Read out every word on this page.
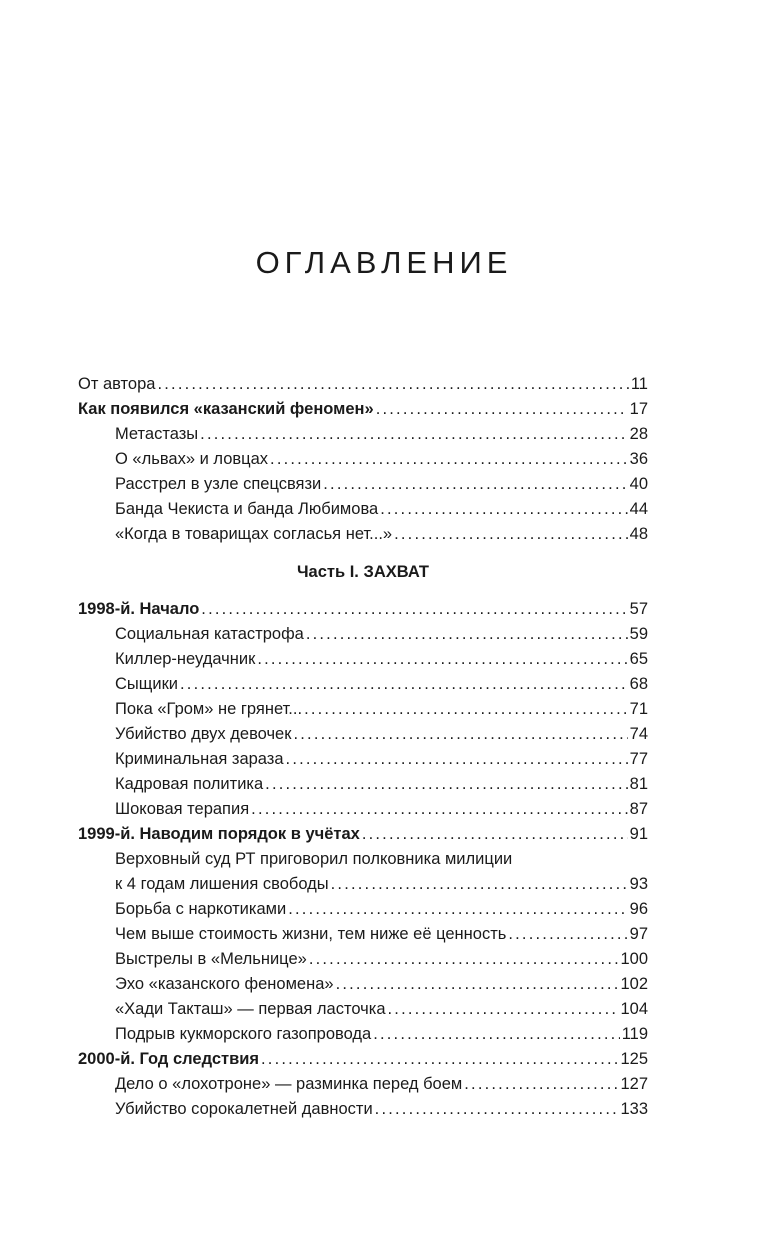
ОГЛАВЛЕНИЕ
От автора .....	11
Как появился «казанский феномен» .....	17
Метастазы .....	28
О «львах» и ловцах .....	36
Расстрел в узле спецсвязи .....	40
Банда Чекиста и банда Любимова .....	44
«Когда в товарищах согласья нет...» .....	48
Часть I. ЗАХВАТ
1998-й. Начало .....	57
Социальная катастрофа .....	59
Киллер-неудачник .....	65
Сыщики .....	68
Пока «Гром» не грянет... .....	71
Убийство двух девочек .....	74
Криминальная зараза .....	77
Кадровая политика .....	81
Шоковая терапия .....	87
1999-й. Наводим порядок в учётах .....	91
Верховный суд РТ приговорил полковника милиции
к 4 годам лишения свободы .....	93
Борьба с наркотиками .....	96
Чем выше стоимость жизни, тем ниже её ценность .....	97
Выстрелы в «Мельнице» .....	100
Эхо «казанского феномена» .....	102
«Хади Такташ» — первая ласточка .....	104
Подрыв кукморского газопровода .....	119
2000-й. Год следствия .....	125
Дело о «лохотроне» — разминка перед боем .....	127
Убийство сорокалетней давности .....	133
